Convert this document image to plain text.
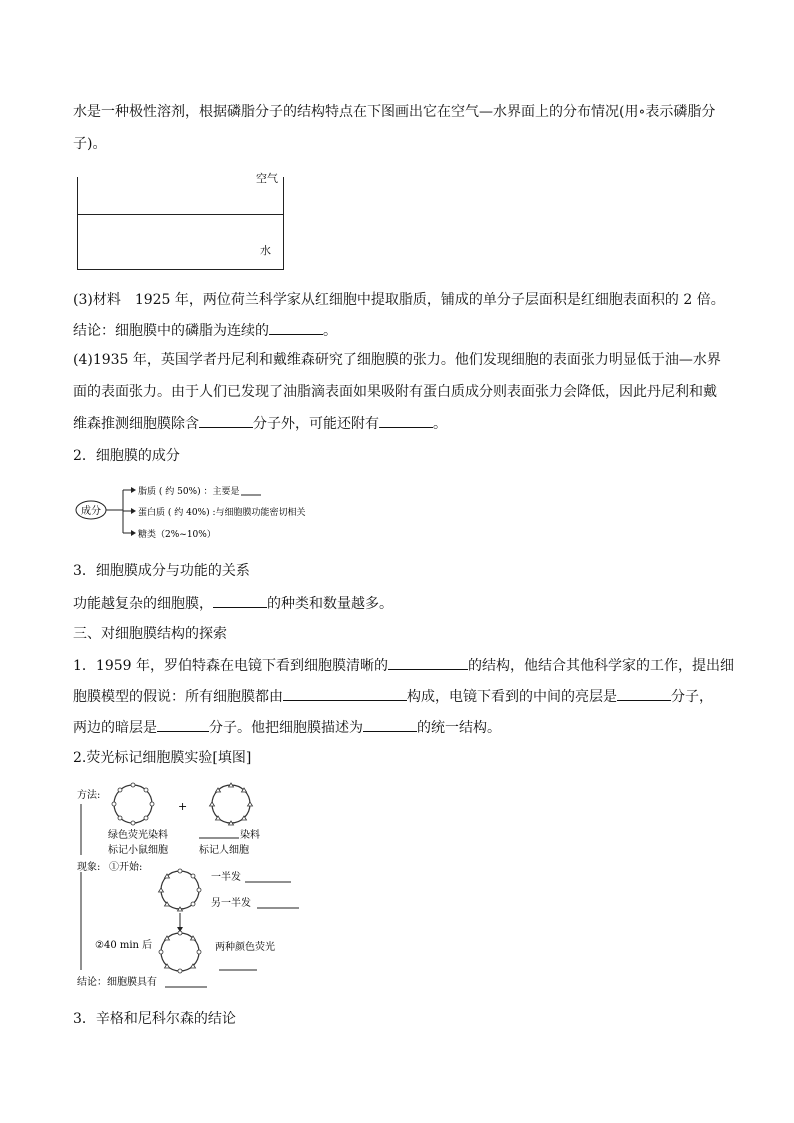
水是一种极性溶剂，根据磷脂分子的结构特点在下图画出它在空气—水界面上的分布情况(用∘表示磷脂分
子)。
空气
水
(3)材料　1925 年，两位荷兰科学家从红细胞中提取脂质，铺成的单分子层面积是红细胞表面积的 2 倍。
结论：细胞膜中的磷脂为连续的	。
(4)1935 年，英国学者丹尼利和戴维森研究了细胞膜的张力。他们发现细胞的表面张力明显低于油—水界
面的表面张力。由于人们已发现了油脂滴表面如果吸附有蛋白质成分则表面张力会降低，因此丹尼利和戴
维森推测细胞膜除含	分子外，可能还附有	。
2．细胞膜的成分
成分
脂质 ( 约 50%) ：主要是
蛋白质 ( 约 40%) :与细胞膜功能密切相关
糖类（2%~10%）
3．细胞膜成分与功能的关系
功能越复杂的细胞膜，	的种类和数量越多。
三、对细胞膜结构的探索
1．1959 年，罗伯特森在电镜下看到细胞膜清晰的	的结构，他结合其他科学家的工作，提出细
胞膜模型的假说：所有细胞膜都由	构成，电镜下看到的中间的亮层是	分子，
两边的暗层是	分子。他把细胞膜描述为	的统一结构。
2.荧光标记细胞膜实验[填图]
方法:
+
绿色荧光染料
标记小鼠细胞
染料
标记人细胞
现象: ①开始:
一半发
另一半发
②40 min 后	两种颜色荧光
结论：细胞膜具有
3．辛格和尼科尔森的结论
